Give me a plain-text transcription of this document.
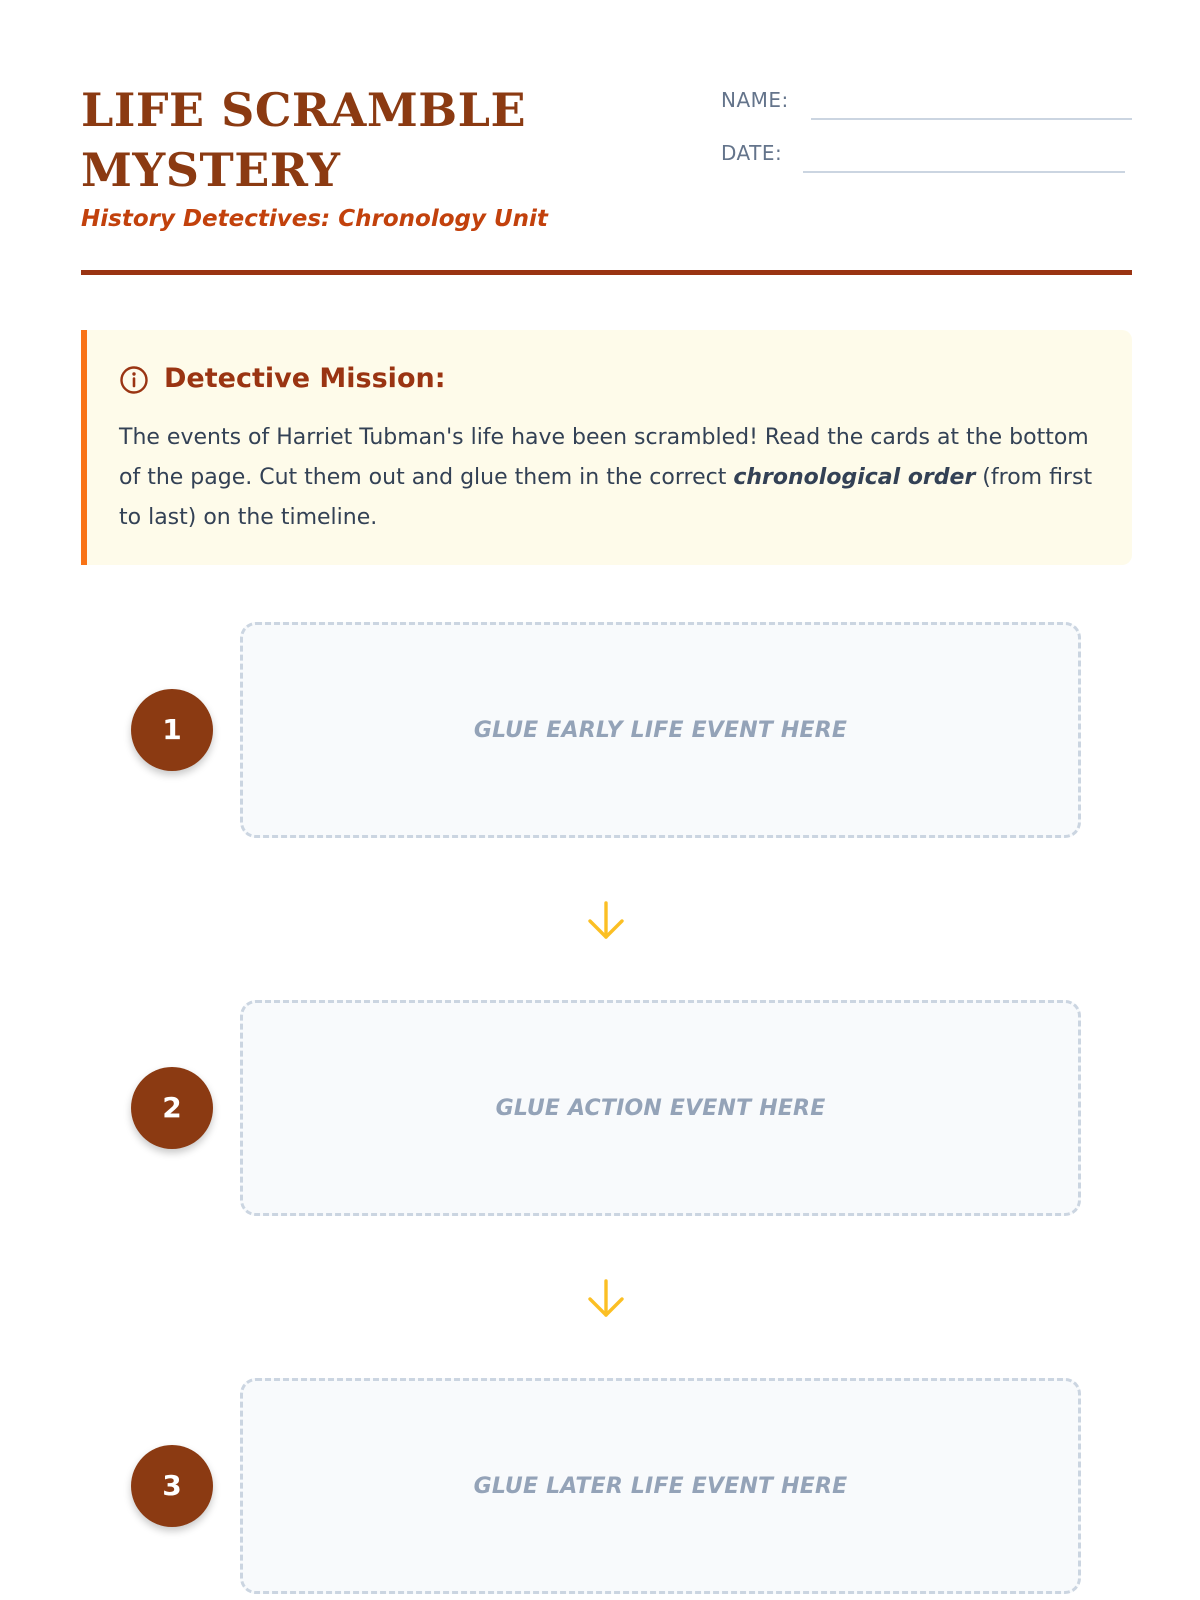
LIFE SCRAMBLE MYSTERY
History Detectives: Chronology Unit
NAME:
DATE:
Detective Mission:
The events of Harriet Tubman's life have been scrambled! Read the cards at the bottom of the page. Cut them out and glue them in the correct chronological order (from first to last) on the timeline.
1	GLUE EARLY LIFE EVENT HERE
2	GLUE ACTION EVENT HERE
3	GLUE LATER LIFE EVENT HERE
